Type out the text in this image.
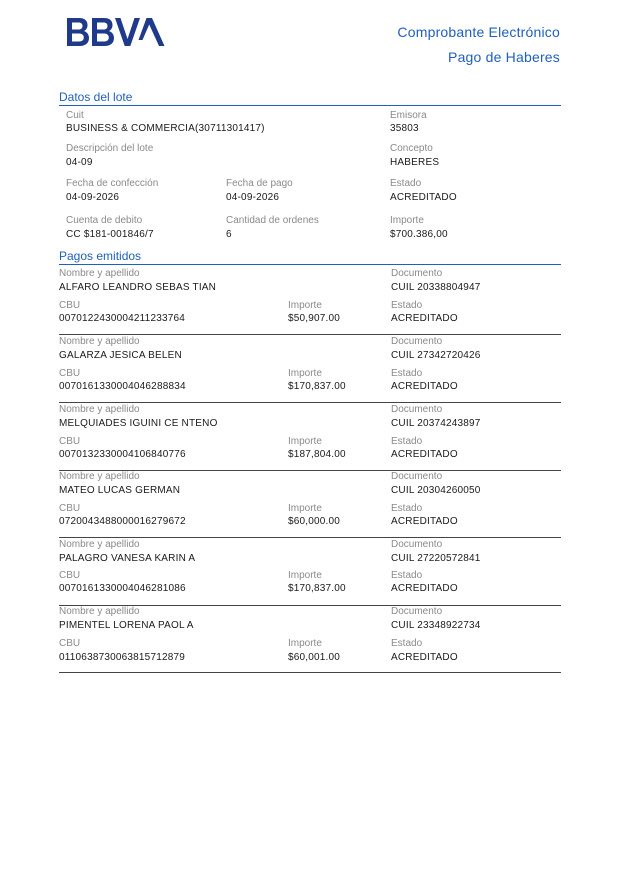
Comprobante Electrónico
Pago de Haberes
Datos del lote
Cuit
BUSINESS & COMMERCIA(30711301417)
Emisora
35803
Descripción del lote
04-09
Concepto
HABERES
Fecha de confección
04-09-2026
Fecha de pago
04-09-2026
Estado
ACREDITADO
Cuenta de debito
CC $181-001846/7
Cantidad de ordenes
6
Importe
$700.386,00
Pagos emitidos
Nombre y apellido
ALFARO LEANDRO SEBAS TIAN
Documento
CUIL 20338804947
CBU
0070122430004211233764
Importe
$50,907.00
Estado
ACREDITADO
Nombre y apellido
GALARZA JESICA BELEN
Documento
CUIL 27342720426
CBU
0070161330004046288834
Importe
$170,837.00
Estado
ACREDITADO
Nombre y apellido
MELQUIADES IGUINI CE NTENO
Documento
CUIL 20374243897
CBU
0070132330004106840776
Importe
$187,804.00
Estado
ACREDITADO
Nombre y apellido
MATEO LUCAS GERMAN
Documento
CUIL 20304260050
CBU
0720043488000016279672
Importe
$60,000.00
Estado
ACREDITADO
Nombre y apellido
PALAGRO VANESA KARIN A
Documento
CUIL 27220572841
CBU
0070161330004046281086
Importe
$170,837.00
Estado
ACREDITADO
Nombre y apellido
PIMENTEL LORENA PAOL A
Documento
CUIL 23348922734
CBU
0110638730063815712879
Importe
$60,001.00
Estado
ACREDITADO
